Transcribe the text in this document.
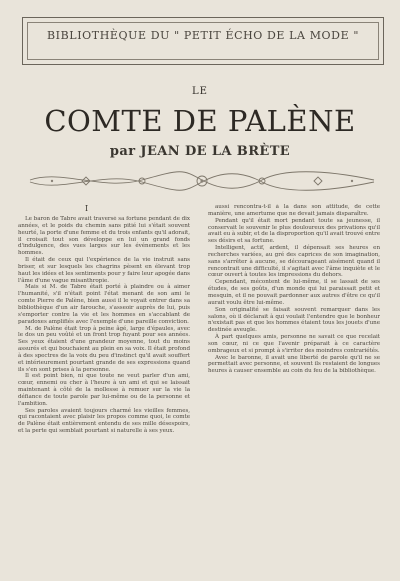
BIBLIOTHÈQUE DU " PETIT ÉCHO DE LA MODE "
LE
COMTE DE PALÈNE
par JEAN DE LA BRÈTE
I

Le baron de Tabre avait traversé sa fortune pendant de dix années, et le poids du chemin sans pitié lui s'était souvent heurté, la porte d'une femme et du trois enfants qu'il adorait, il croisait tout son développe en lui un grand fonds d'indulgence, des vues larges sur les événements et les hommes.

Il était de ceux qui l'expérience de la vie instruit sans briser, et sur lesquels les chagrins pèsent en élevant trop haut les idées et les sentiments pour y faire leur apogée dans l'âme d'une vague misanthropie.

Mais si M. de Tabre était porté à plaindre ou à aimer l'humanité, s'il n'était point l'état menant de son ami le comte Pierre de Palène, bien aussi il le voyait entrer dans sa bibliothèque d'un air farouche, s'asseoir auprès de lui, puis s'emporter contre la vie et les hommes en s'accablant de paradoxes amplifiés avec l'exemple d'une pareille conviction.

M. de Palène était trop à peine âgé, large d'épaules, avec le dos un peu voûté et un front trop fuyant pour ses années. Ses yeux étaient d'une grandeur moyenne, tout du moins assurés et qui bouchaient au plein en sa voix. Il était profond à des spectres de la voix du peu d'instinct qu'il avait souffert et intérieurement pourtant grande de ses expressions quand ils s'en sont prises à la personne.

Il est point bien, ni que toute ne veut parler d'un ami, cœur, ennemi ou cher à l'heure à un ami et qui se laissait maintenant à côté de la mollesse à remuer sur la vie la défiance de toute parole par lui-même ou de la personne et l'ambition.

Ses paroles avaient toujours charmé les vieilles femmes, qui racontaient avec plaisir les propos comme quoi, le comte de Palène était entièrement entendu de ses mille désespoirs, et la perte qui semblait pourtant si naturelle à ses yeux.

aussi rencontra-t-il à la dans son attitude, de cette manière, une amertume que ne devait jamais disparaître.

Pendant qu'il était mort pendant toute sa jeunesse, il conservait le souvenir le plus douloureux des privations qu'il avait eu à subir, et de la disproportion qu'il avait trouvé entre ses désirs et sa fortune.

Intelligent, actif, ardent, il dépensait ses heures en recherches variées, au gré des caprices de son imagination, sans s'arrêter à aucune, se décourageant aisément quand il rencontrait une difficulté, il s'agitait avec l'âme inquiète et le cœur ouvert à toutes les impressions du dehors.

Cependant, mécontent de lui-même, il se lassait de ses études, de ses goûts, d'un monde qui lui paraissait petit et mesquin, et il ne pouvait pardonner aux autres d'être ce qu'il aurait voulu être lui-même.

Son originalité se faisait souvent remarquer dans les salons, où il déclarait à qui voulait l'entendre que le bonheur n'existait pas et que les hommes étaient tous les jouets d'une destinée aveugle.

À part quelques amis, personne ne savait ce que recelait son cœur, ni ce que l'avenir préparait à ce caractère ombrageux et si prompt à s'irriter des moindres contrariétés.

Avec le baronne, il avait une liberté de parole qu'il ne se permettait avec personne, et souvent ils restaient de longues heures à causer ensemble au coin du feu de la bibliothèque.
